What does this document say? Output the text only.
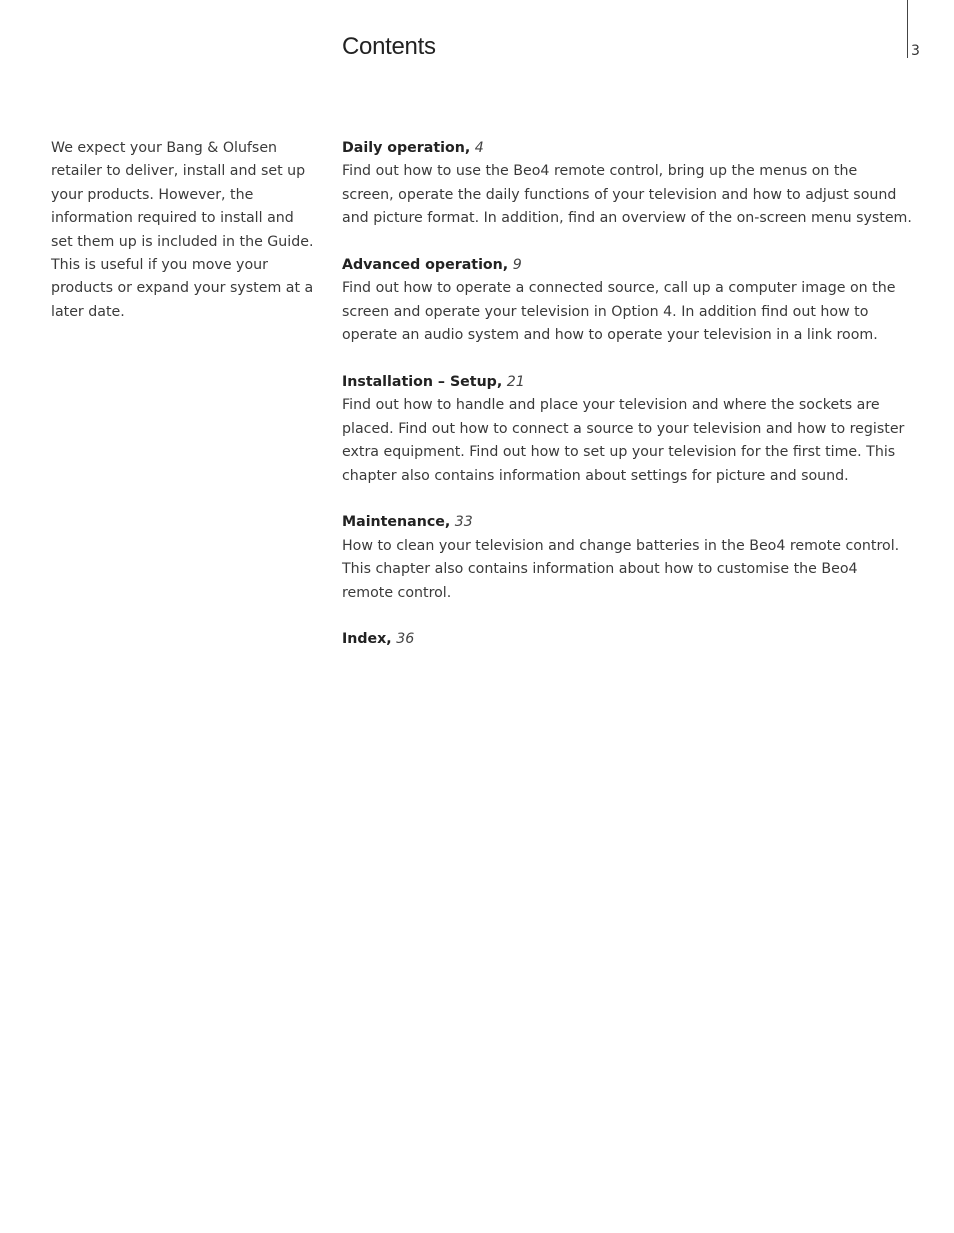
3
Contents

We expect your Bang & Olufsen retailer to deliver, install and set up your products. However, the information required to install and set them up is included in the Guide.

This is useful if you move your products or expand your system at a later date.

Daily operation, 4

Find out how to use the Beo4 remote control, bring up the menus on the screen, operate the daily functions of your television and how to adjust sound and picture format. In addition, find an overview of the on-screen menu system.

Advanced operation, 9

Find out how to operate a connected source, call up a computer image on the screen and operate your television in Option 4. In addition find out how to operate an audio system and how to operate your television in a link room.

Installation – Setup, 21

Find out how to handle and place your television and where the sockets are placed. Find out how to connect a source to your television and how to register extra equipment. Find out how to set up your television for the first time. This chapter also contains information about settings for picture and sound.

Maintenance, 33

How to clean your television and change batteries in the Beo4 remote control. This chapter also contains information about how to customise the Beo4 remote control.

Index, 36
